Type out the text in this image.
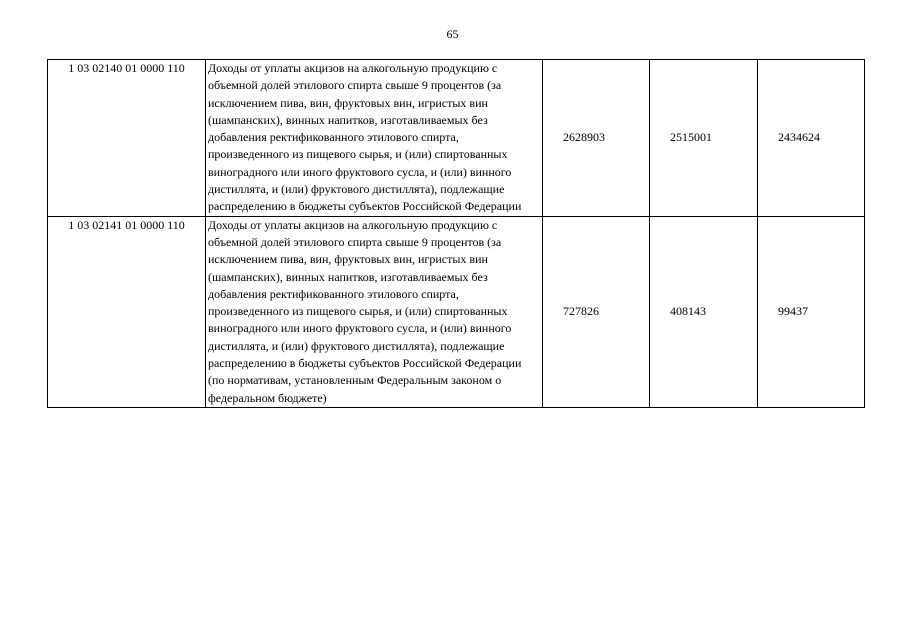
65
1 03 02140 01 0000 110	Доходы от уплаты акцизов на алкогольную продукцию с объемной долей этилового спирта свыше 9 процентов (за исключением пива, вин, фруктовых вин, игристых вин (шампанских), винных напитков, изготавливаемых без добавления ректификованного этилового спирта, произведенного из пищевого сырья, и (или) спиртованных виноградного или иного фруктового сусла, и (или) винного дистиллята, и (или) фруктового дистиллята), подлежащие распределению в бюджеты субъектов Российской Федерации	2628903	2515001	2434624
1 03 02141 01 0000 110	Доходы от уплаты акцизов на алкогольную продукцию с объемной долей этилового спирта свыше 9 процентов (за исключением пива, вин, фруктовых вин, игристых вин (шампанских), винных напитков, изготавливаемых без добавления ректификованного этилового спирта, произведенного из пищевого сырья, и (или) спиртованных виноградного или иного фруктового сусла, и (или) винного дистиллята, и (или) фруктового дистиллята), подлежащие распределению в бюджеты субъектов Российской Федерации (по нормативам, установленным Федеральным законом о федеральном бюджете)	727826	408143	99437
